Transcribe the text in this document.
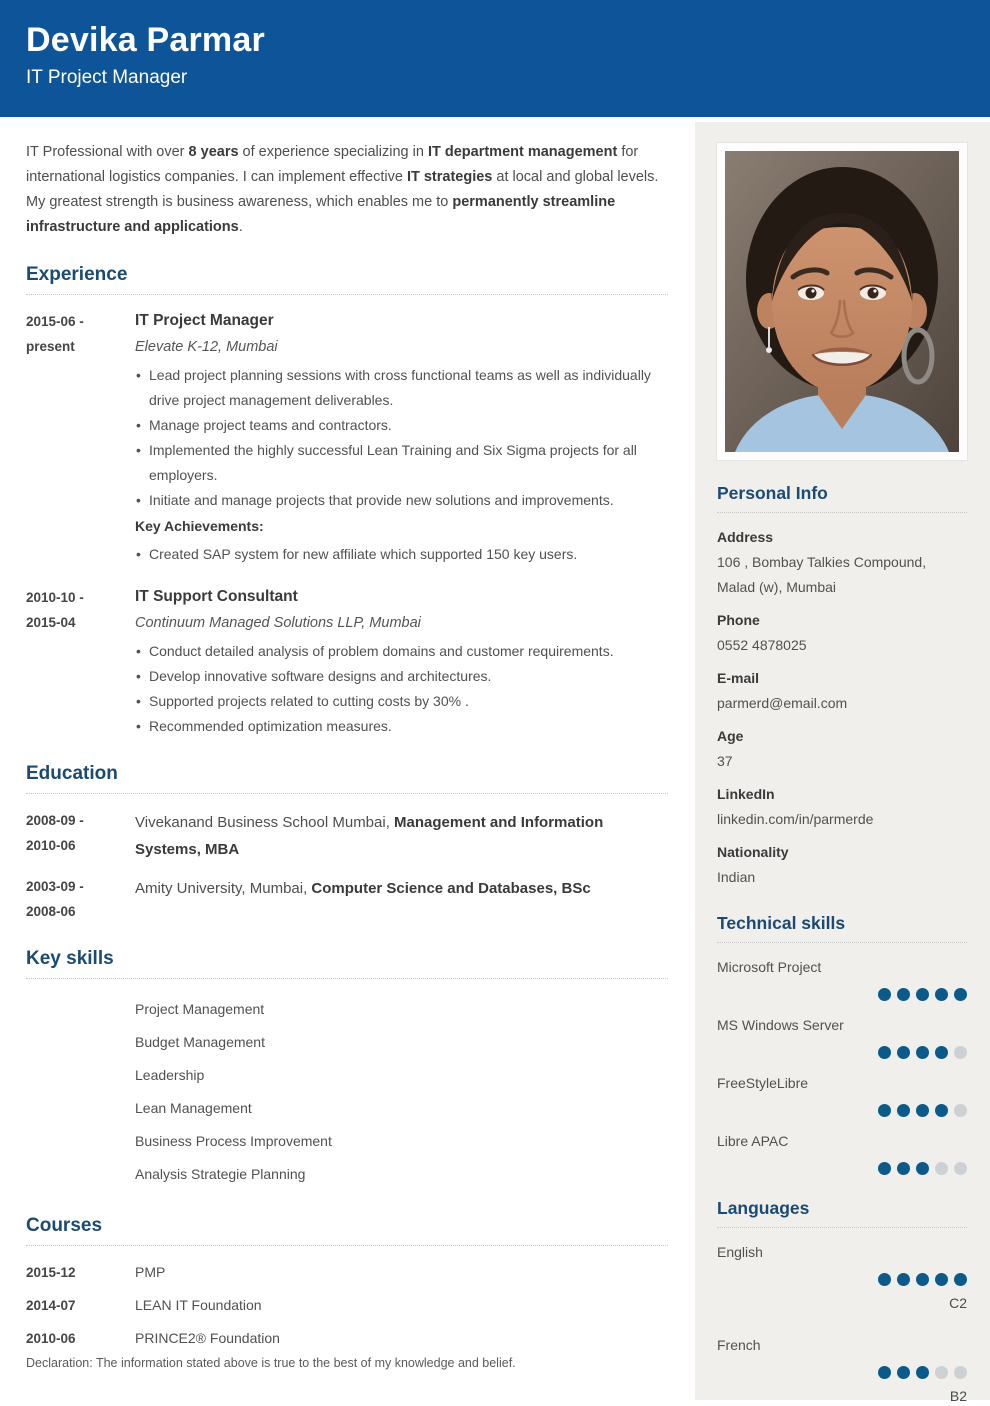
Devika Parmar
IT Project Manager
IT Professional with over 8 years of experience specializing in IT department management for international logistics companies. I can implement effective IT strategies at local and global levels. My greatest strength is business awareness, which enables me to permanently streamline infrastructure and applications.
Experience
2015-06 -
present
IT Project Manager
Elevate K-12, Mumbai
• Lead project planning sessions with cross functional teams as well as individually drive project management deliverables.
• Manage project teams and contractors.
• Implemented the highly successful Lean Training and Six Sigma projects for all employers.
• Initiate and manage projects that provide new solutions and improvements.
Key Achievements:
• Created SAP system for new affiliate which supported 150 key users.
2010-10 -
2015-04
IT Support Consultant
Continuum Managed Solutions LLP, Mumbai
• Conduct detailed analysis of problem domains and customer requirements.
• Develop innovative software designs and architectures.
• Supported projects related to cutting costs by 30% .
• Recommended optimization measures.
Education
2008-09 -
2010-06
Vivekanand Business School Mumbai, Management and Information Systems, MBA
2003-09 -
2008-06
Amity University, Mumbai, Computer Science and Databases, BSc
Key skills
Project Management
Budget Management
Leadership
Lean Management
Business Process Improvement
Analysis Strategie Planning
Courses
2015-12	PMP
2014-07	LEAN IT Foundation
2010-06	PRINCE2® Foundation
Declaration: The information stated above is true to the best of my knowledge and belief.
Personal Info
Address
106 , Bombay Talkies Compound, Malad (w), Mumbai
Phone
0552 4878025
E-mail
parmerd@email.com
Age
37
LinkedIn
linkedin.com/in/parmerde
Nationality
Indian
Technical skills
Microsoft Project
MS Windows Server
FreeStyleLibre
Libre APAC
Languages
English
C2
French
B2
